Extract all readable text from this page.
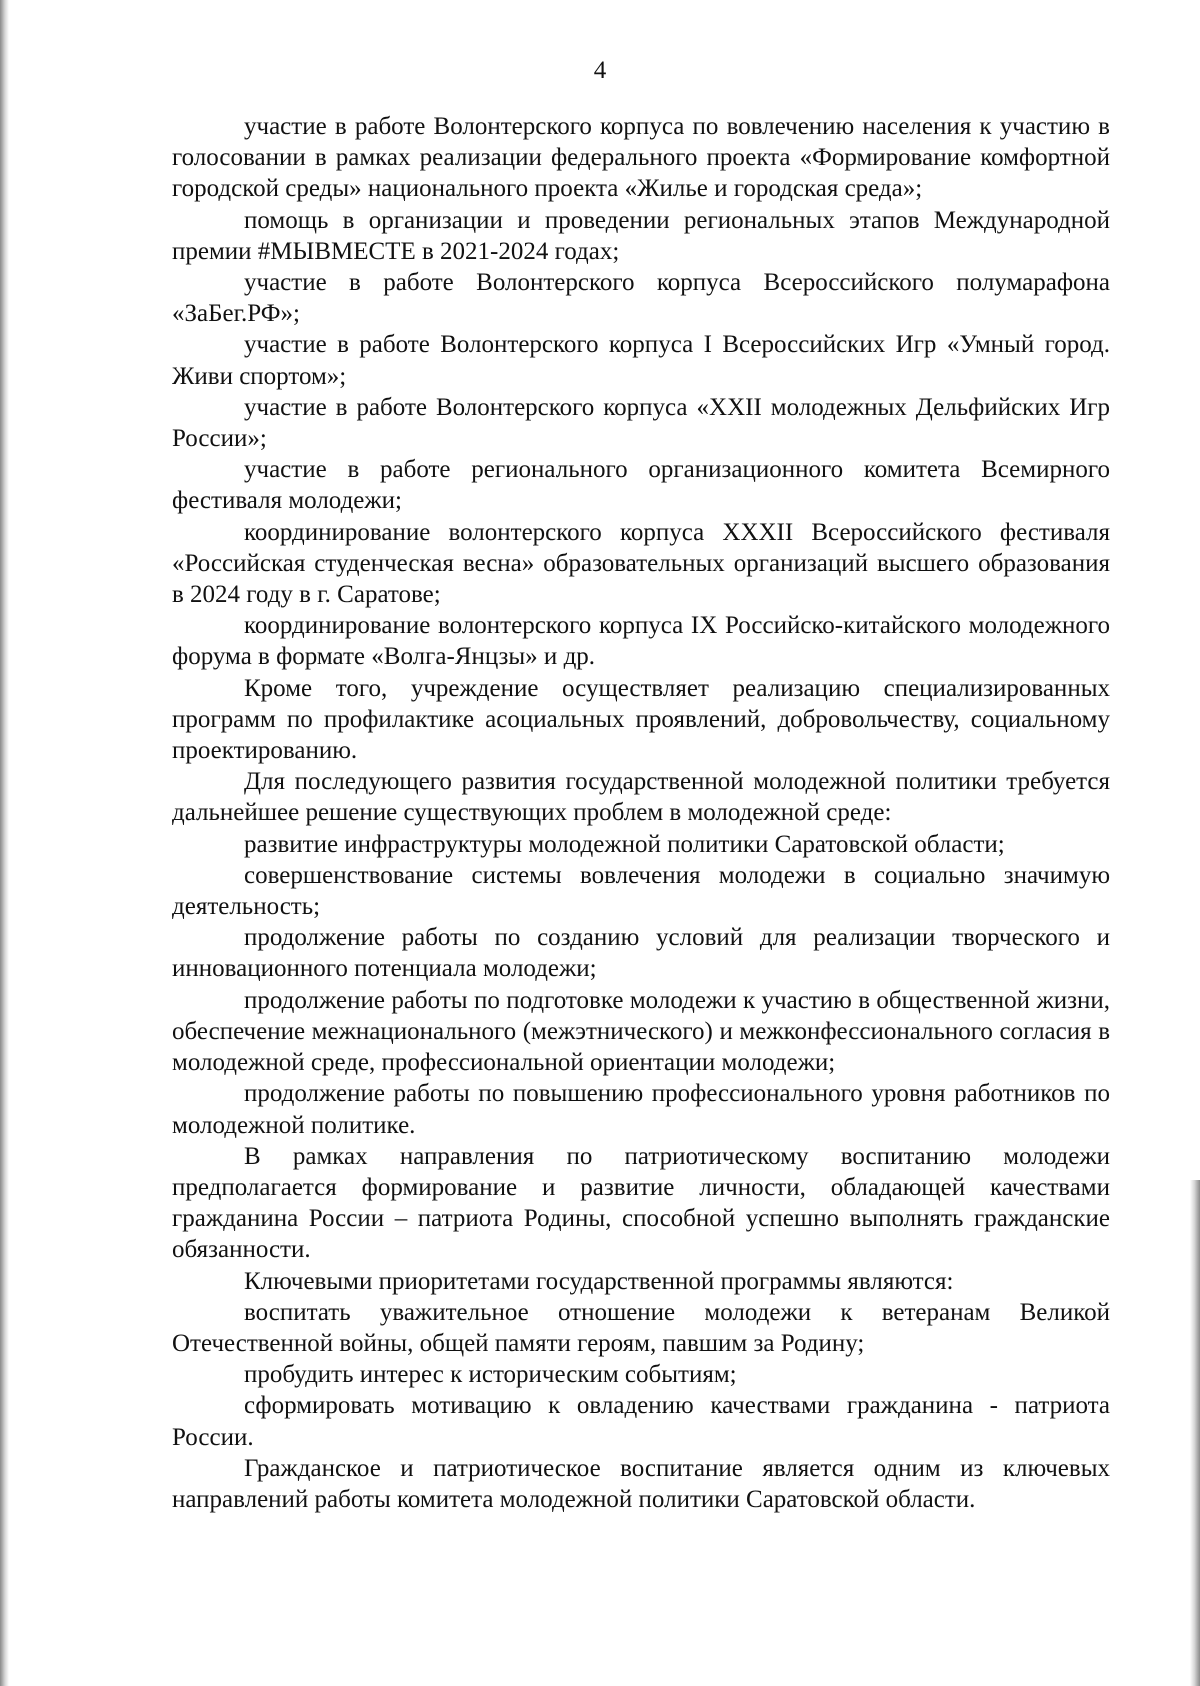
4

участие в работе Волонтерского корпуса по вовлечению населения к участию в голосовании в рамках реализации федерального проекта «Формирование комфортной городской среды» национального проекта «Жилье и городская среда»;

помощь в организации и проведении региональных этапов Международной премии #МЫВМЕСТЕ в 2021-2024 годах;

участие в работе Волонтерского корпуса Всероссийского полумарафона «ЗаБег.РФ»;

участие в работе Волонтерского корпуса I Всероссийских Игр «Умный город. Живи спортом»;

участие в работе Волонтерского корпуса «XXII молодежных Дельфийских Игр России»;

участие в работе регионального организационного комитета Всемирного фестиваля молодежи;

координирование волонтерского корпуса XXXII Всероссийского фестиваля «Российская студенческая весна» образовательных организаций высшего образования в 2024 году в г. Саратове;

координирование волонтерского корпуса IX Российско-китайского молодежного форума в формате «Волга-Янцзы» и др.

Кроме того, учреждение осуществляет реализацию специализированных программ по профилактике асоциальных проявлений, добровольчеству, социальному проектированию.

Для последующего развития государственной молодежной политики требуется дальнейшее решение существующих проблем в молодежной среде:

развитие инфраструктуры молодежной политики Саратовской области;

совершенствование системы вовлечения молодежи в социально значимую деятельность;

продолжение работы по созданию условий для реализации творческого и инновационного потенциала молодежи;

продолжение работы по подготовке молодежи к участию в общественной жизни, обеспечение межнационального (межэтнического) и межконфессионального согласия в молодежной среде, профессиональной ориентации молодежи;

продолжение работы по повышению профессионального уровня работников по молодежной политике.

В рамках направления по патриотическому воспитанию молодежи предполагается формирование и развитие личности, обладающей качествами гражданина России – патриота Родины, способной успешно выполнять гражданские обязанности.

Ключевыми приоритетами государственной программы являются:

воспитать уважительное отношение молодежи к ветеранам Великой Отечественной войны, общей памяти героям, павшим за Родину;

пробудить интерес к историческим событиям;

сформировать мотивацию к овладению качествами гражданина - патриота России.

Гражданское и патриотическое воспитание является одним из ключевых направлений работы комитета молодежной политики Саратовской области.
